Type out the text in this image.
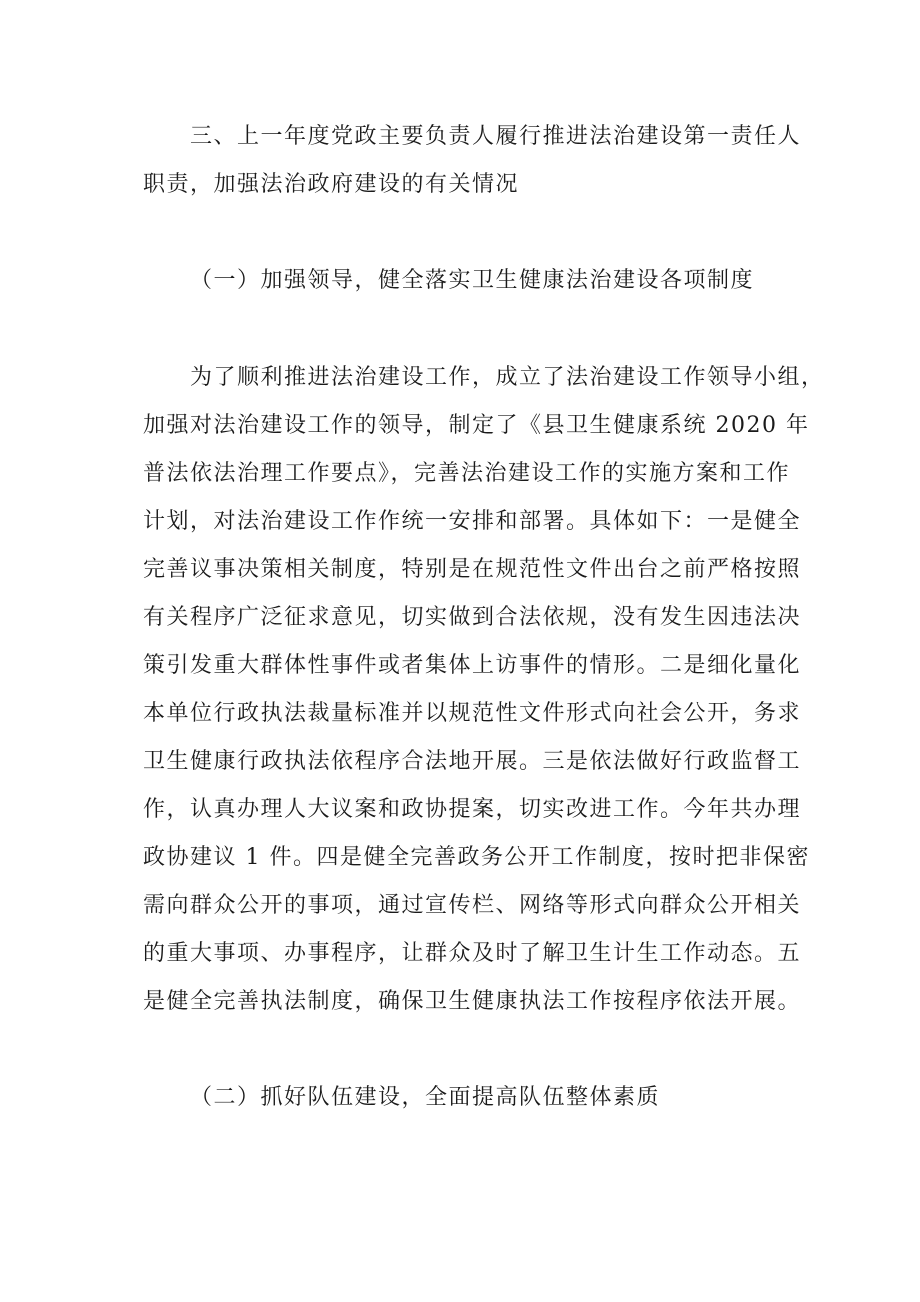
三、上一年度党政主要负责人履行推进法治建设第一责任人
职责，加强法治政府建设的有关情况
（一）加强领导，健全落实卫生健康法治建设各项制度
为了顺利推进法治建设工作，成立了法治建设工作领导小组，
加强对法治建设工作的领导，制定了《县卫生健康系统 2020 年
普法依法治理工作要点》，完善法治建设工作的实施方案和工作
计划，对法治建设工作作统一安排和部署。具体如下：一是健全
完善议事决策相关制度，特别是在规范性文件出台之前严格按照
有关程序广泛征求意见，切实做到合法依规，没有发生因违法决
策引发重大群体性事件或者集体上访事件的情形。二是细化量化
本单位行政执法裁量标准并以规范性文件形式向社会公开，务求
卫生健康行政执法依程序合法地开展。三是依法做好行政监督工
作，认真办理人大议案和政协提案，切实改进工作。今年共办理
政协建议 1 件。四是健全完善政务公开工作制度，按时把非保密
需向群众公开的事项，通过宣传栏、网络等形式向群众公开相关
的重大事项、办事程序，让群众及时了解卫生计生工作动态。五
是健全完善执法制度，确保卫生健康执法工作按程序依法开展。
（二）抓好队伍建设，全面提高队伍整体素质
